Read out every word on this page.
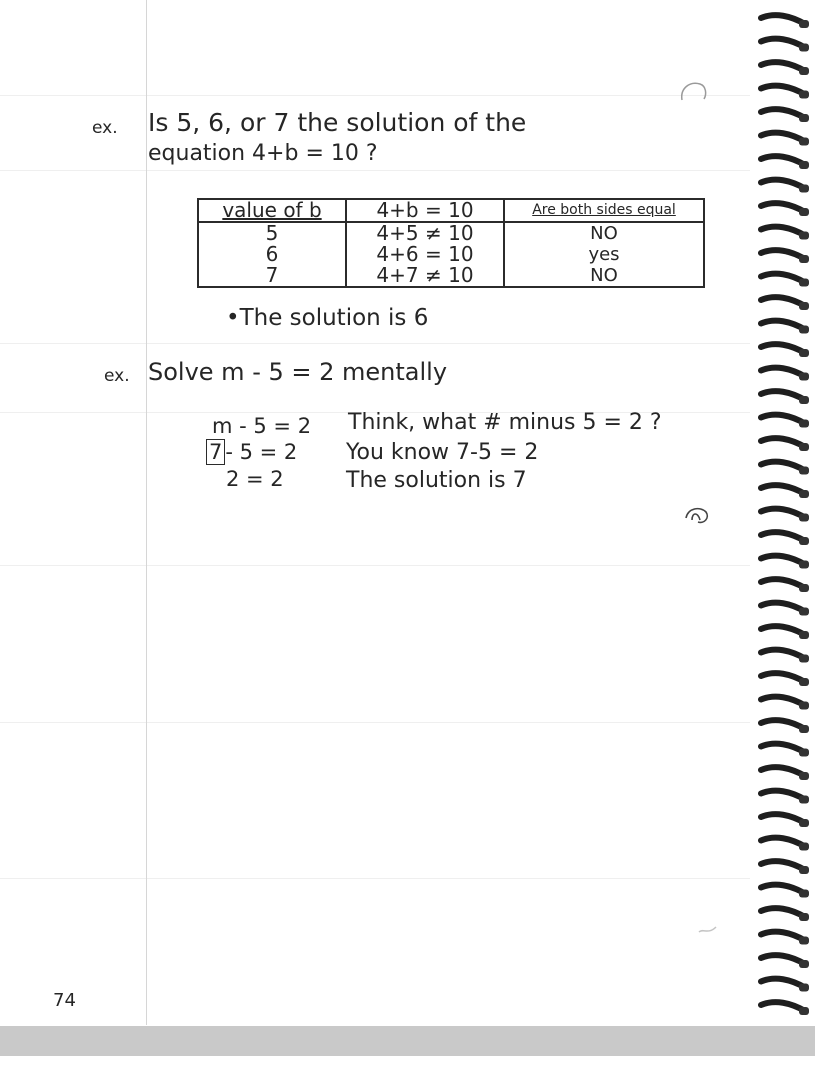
ex. Is 5, 6, or 7 the solution of the
equation 4+b = 10 ?
value of b	4+b = 10	Are both sides equal
5	4+5 ≠ 10	NO
6	4+6 = 10	yes
7	4+7 ≠ 10	NO
•The solution is 6
ex. Solve m - 5 = 2 mentally
m - 5 = 2
7 - 5 = 2
2 = 2
Think, what # minus 5 = 2 ?
You know 7-5 = 2
The solution is 7
74
